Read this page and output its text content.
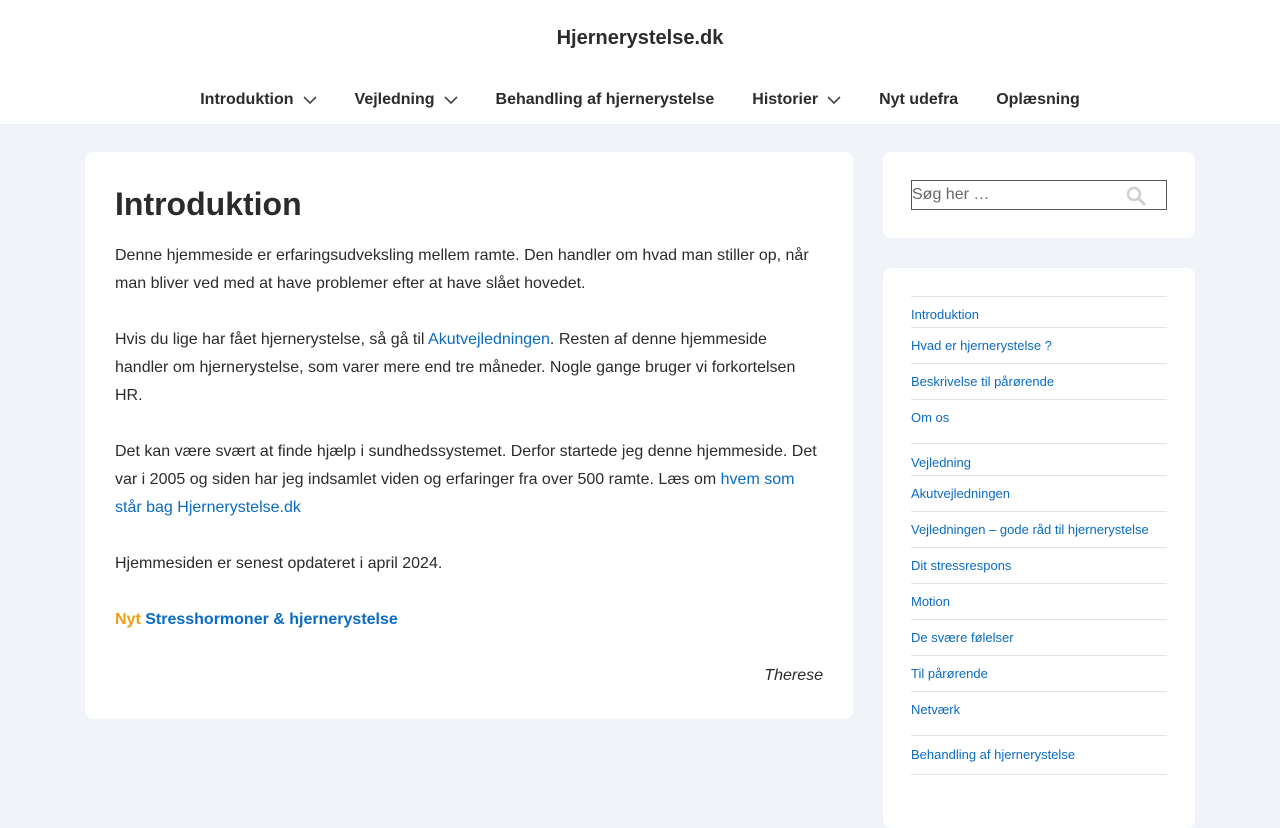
Hjernerystelse.dk
Introduktion	Vejledning	Behandling af hjernerystelse Historier	Nyt udefra Oplæsning
Introduktion

Denne hjemmeside er erfaringsudveksling mellem ramte. Den handler om hvad man stiller op, når man bliver ved med at have problemer efter at have slået hovedet.

Hvis du lige har fået hjernerystelse, så gå til Akutvejledningen. Resten af denne hjemmeside handler om hjernerystelse, som varer mere end tre måneder. Nogle gange bruger vi forkortelsen HR.

Det kan være svært at finde hjælp i sundhedssystemet. Derfor startede jeg denne hjemmeside. Det var i 2005 og siden har jeg indsamlet viden og erfaringer fra over 500 ramte. Læs om hvem som står bag Hjernerystelse.dk

Hjemmesiden er senest opdateret i april 2024.

Nyt Stresshormoner & hjernerystelse

Therese

Søg her …
Introduktion
Hvad er hjernerystelse ?
Beskrivelse til pårørende
Om os
Vejledning
Akutvejledningen
Vejledningen – gode råd til hjernerystelse
Dit stressrespons
Motion
De svære følelser
Til pårørende
Netværk
Behandling af hjernerystelse
